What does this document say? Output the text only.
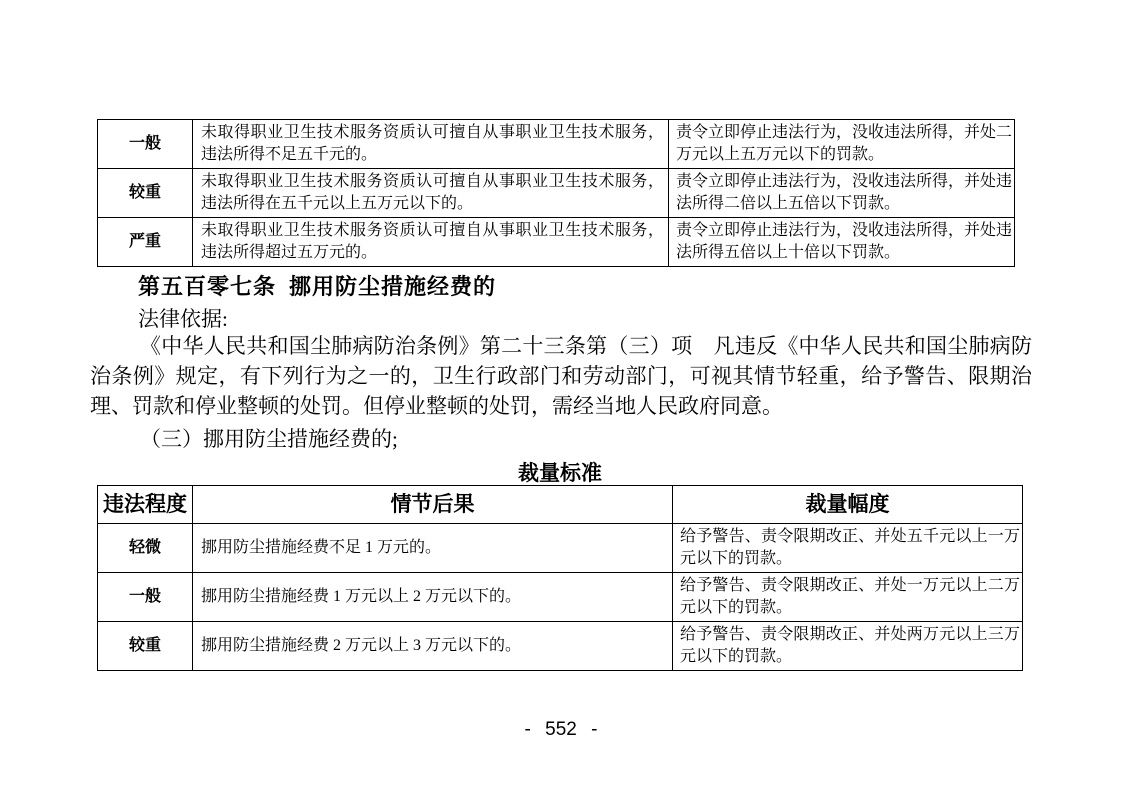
一般	未取得职业卫生技术服务资质认可擅自从事职业卫生技术服务，违法所得不足五千元的。	责令立即停止违法行为，没收违法所得，并处二万元以上五万元以下的罚款。
较重	未取得职业卫生技术服务资质认可擅自从事职业卫生技术服务，违法所得在五千元以上五万元以下的。	责令立即停止违法行为，没收违法所得，并处违法所得二倍以上五倍以下罚款。
严重	未取得职业卫生技术服务资质认可擅自从事职业卫生技术服务，违法所得超过五万元的。	责令立即停止违法行为，没收违法所得，并处违法所得五倍以上十倍以下罚款。
第五百零七条  挪用防尘措施经费的
法律依据:

《中华人民共和国尘肺病防治条例》第二十三条第（三）项　凡违反《中华人民共和国尘肺病防治条例》规定，有下列行为之一的，卫生行政部门和劳动部门，可视其情节轻重，给予警告、限期治理、罚款和停业整顿的处罚。但停业整顿的处罚，需经当地人民政府同意。

（三）挪用防尘措施经费的;
裁量标准
违法程度	情节后果	裁量幅度
轻微	挪用防尘措施经费不足 1 万元的。	给予警告、责令限期改正、并处五千元以上一万元以下的罚款。
一般	挪用防尘措施经费 1 万元以上 2 万元以下的。	给予警告、责令限期改正、并处一万元以上二万元以下的罚款。
较重	挪用防尘措施经费 2 万元以上 3 万元以下的。	给予警告、责令限期改正、并处两万元以上三万元以下的罚款。
- 552 -
